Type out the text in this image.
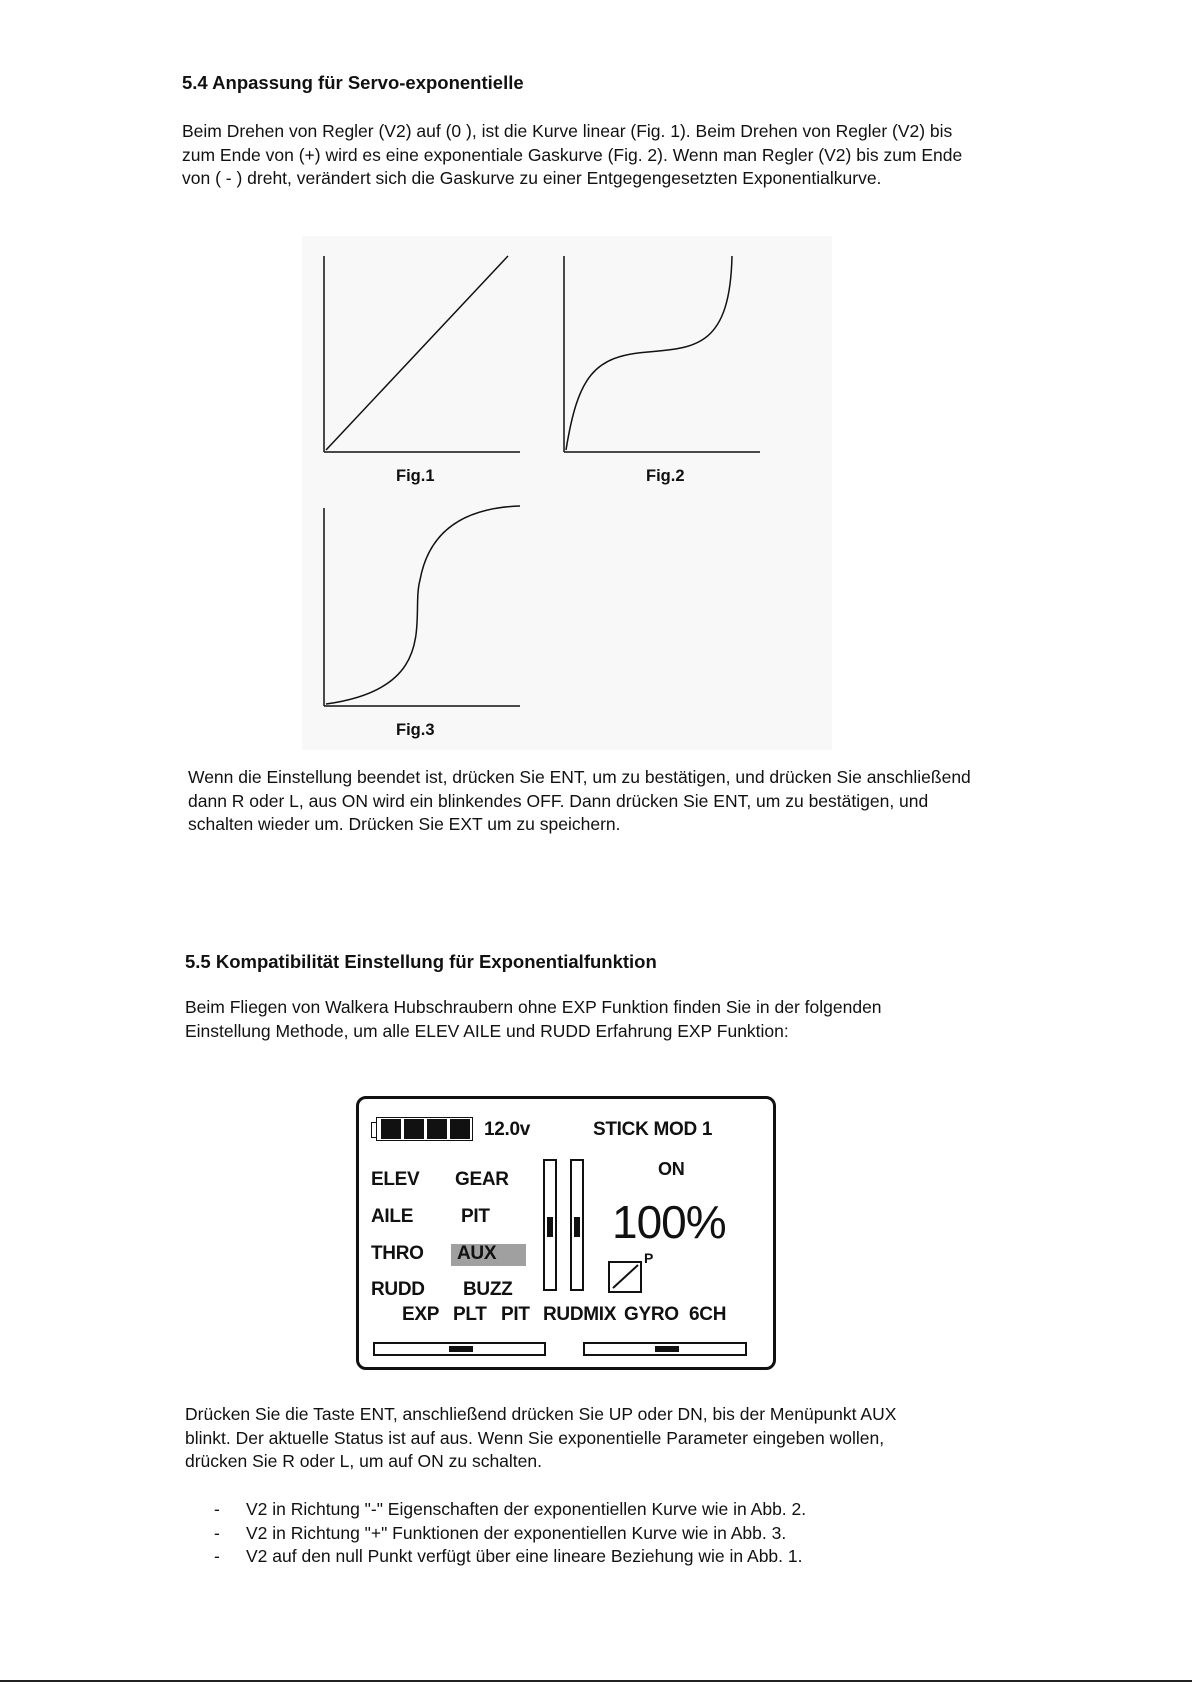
5.4 Anpassung für Servo-exponentielle

Beim Drehen von Regler (V2) auf (0 ), ist die Kurve linear (Fig. 1). Beim Drehen von Regler (V2) bis zum Ende von (+) wird es eine exponentiale Gaskurve (Fig. 2). Wenn man Regler (V2) bis zum Ende von ( - ) dreht, verändert sich die Gaskurve zu einer Entgegengesetzten Exponentialkurve.

Fig.1	Fig.2
Fig.3

Wenn die Einstellung beendet ist, drücken Sie ENT, um zu bestätigen, und drücken Sie anschließend dann R oder L, aus ON wird ein blinkendes OFF. Dann drücken Sie ENT, um zu bestätigen, und schalten wieder um. Drücken Sie EXT um zu speichern.

5.5 Kompatibilität Einstellung für Exponentialfunktion

Beim Fliegen von Walkera Hubschraubern ohne EXP Funktion finden Sie in der folgenden Einstellung Methode, um alle ELEV AILE und RUDD Erfahrung EXP Funktion:

12.0v	STICK MOD 1
ON
ELEV
AILE
THRO
RUDD
GEAR
PIT
AUX
BUZZ
100%
P
EXP PLT PIT RUDMIX GYRO 6CH

Drücken Sie die Taste ENT, anschließend drücken Sie UP oder DN, bis der Menüpunkt AUX blinkt. Der aktuelle Status ist auf aus. Wenn Sie exponentielle Parameter eingeben wollen, drücken Sie R oder L, um auf ON zu schalten.

- V2 in Richtung "-" Eigenschaften der exponentiellen Kurve wie in Abb. 2.
- V2 in Richtung "+" Funktionen der exponentiellen Kurve wie in Abb. 3.
- V2 auf den null Punkt verfügt über eine lineare Beziehung wie in Abb. 1.
